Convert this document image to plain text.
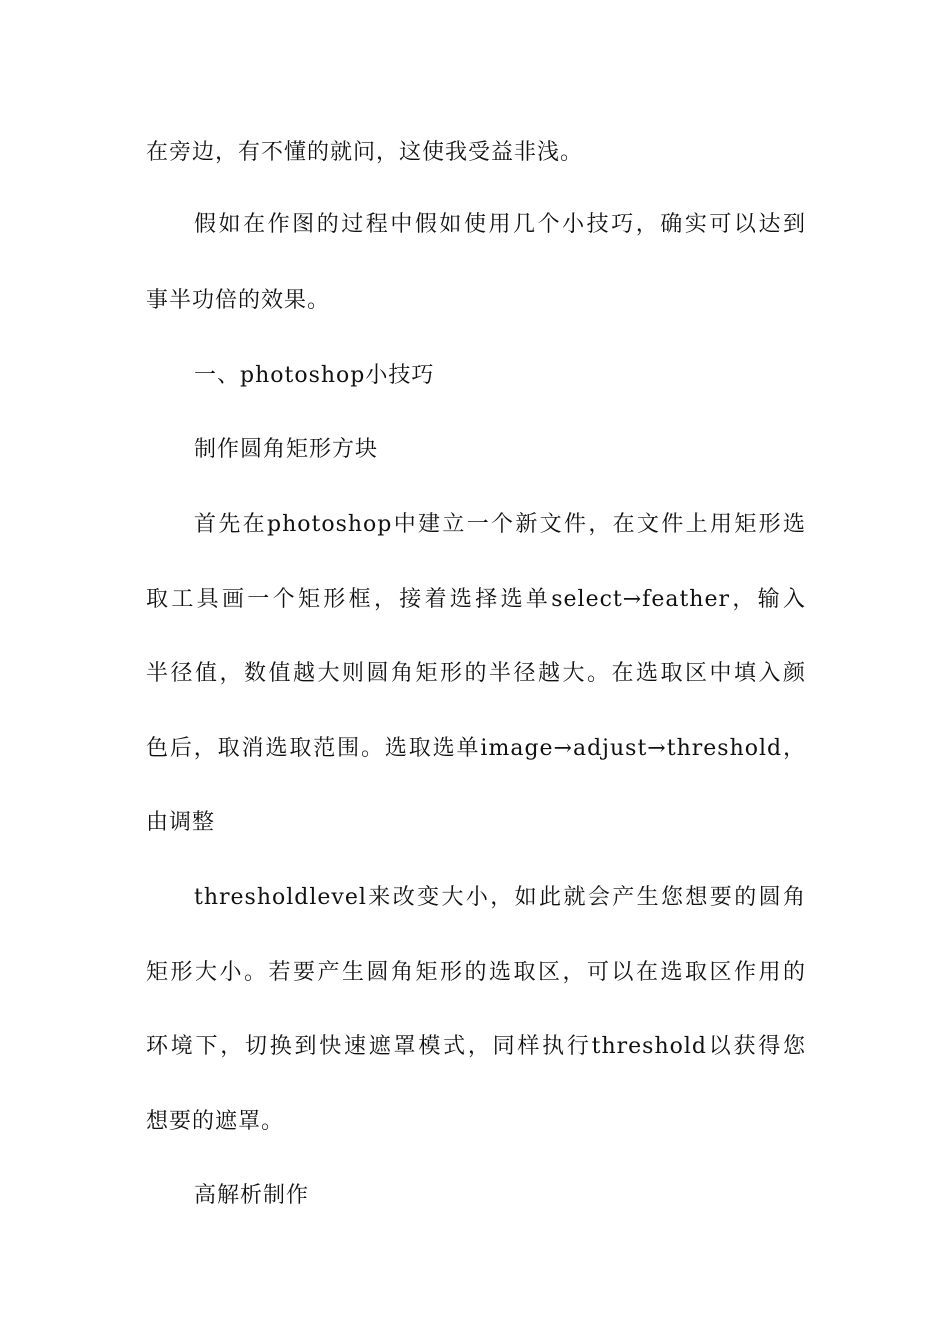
在旁边，有不懂的就问，这使我受益非浅。
假如在作图的过程中假如使用几个小技巧，确实可以达到
事半功倍的效果。
一、photoshop小技巧
制作圆角矩形方块
首先在photoshop中建立一个新文件，在文件上用矩形选
取工具画一个矩形框，接着选择选单select→feather，输入
半径值，数值越大则圆角矩形的半径越大。在选取区中填入颜
色后，取消选取范围。选取选单image→adjust→threshold，
由调整
thresholdlevel来改变大小，如此就会产生您想要的圆角
矩形大小。若要产生圆角矩形的选取区，可以在选取区作用的
环境下，切换到快速遮罩模式，同样执行threshold以获得您
想要的遮罩。
高解析制作
